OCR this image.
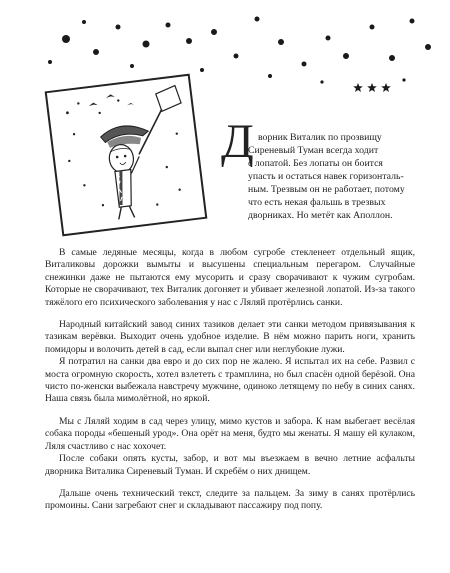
Д ворник Виталик по прозвищу
Сиреневый Туман всегда ходит
с лопатой. Без лопаты он боится
упасть и остаться навек горизонталь-
ным. Трезвым он не работает, потому
что есть некая фальшь в трезвых
дворниках. Но метёт как Аполлон.

В самые ледяные месяцы, когда в любом сугробе стекленеет отдельный ящик, Виталиковы дорожки вымыты и высушены специальным перегаром. Случайные снежинки даже не пытаются ему мусорить и сразу сворачивают к чужим сугробам. Которые не сворачивают, тех Виталик догоняет и убивает железной лопатой. Из-за такого тяжёлого его психического заболевания у нас с Ляляй протёрлись санки.

Народный китайский завод синих тазиков делает эти санки методом привязывания к тазикам верёвки. Выходит очень удобное изделие. В нём можно парить ноги, хранить помидоры и волочить детей в сад, если выпал снег или неглубокие лужи.

Я потратил на санки два евро и до сих пор не жалею. Я испытал их на себе. Развил с моста огромную скорость, хотел взлететь с трамплина, но был спасён одной берёзой. Она чисто по-женски выбежала навстречу мужчине, одиноко летящему по небу в синих санях. Наша связь была мимолётной, но яркой.

Мы с Ляляй ходим в сад через улицу, мимо кустов и забора. К нам выбегает весёлая собака породы «бешеный урод». Она орёт на меня, будто мы женаты. Я машу ей кулаком, Ляля счастливо с нас хохочет.

После собаки опять кусты, забор, и вот мы въезжаем в вечно летние асфальты дворника Виталика Сиреневый Туман. И скребём о них днищем.

Дальше очень технический текст, следите за пальцем. За зиму в санях протёрлись промоины. Сани загребают снег и складывают пассажиру под попу.
